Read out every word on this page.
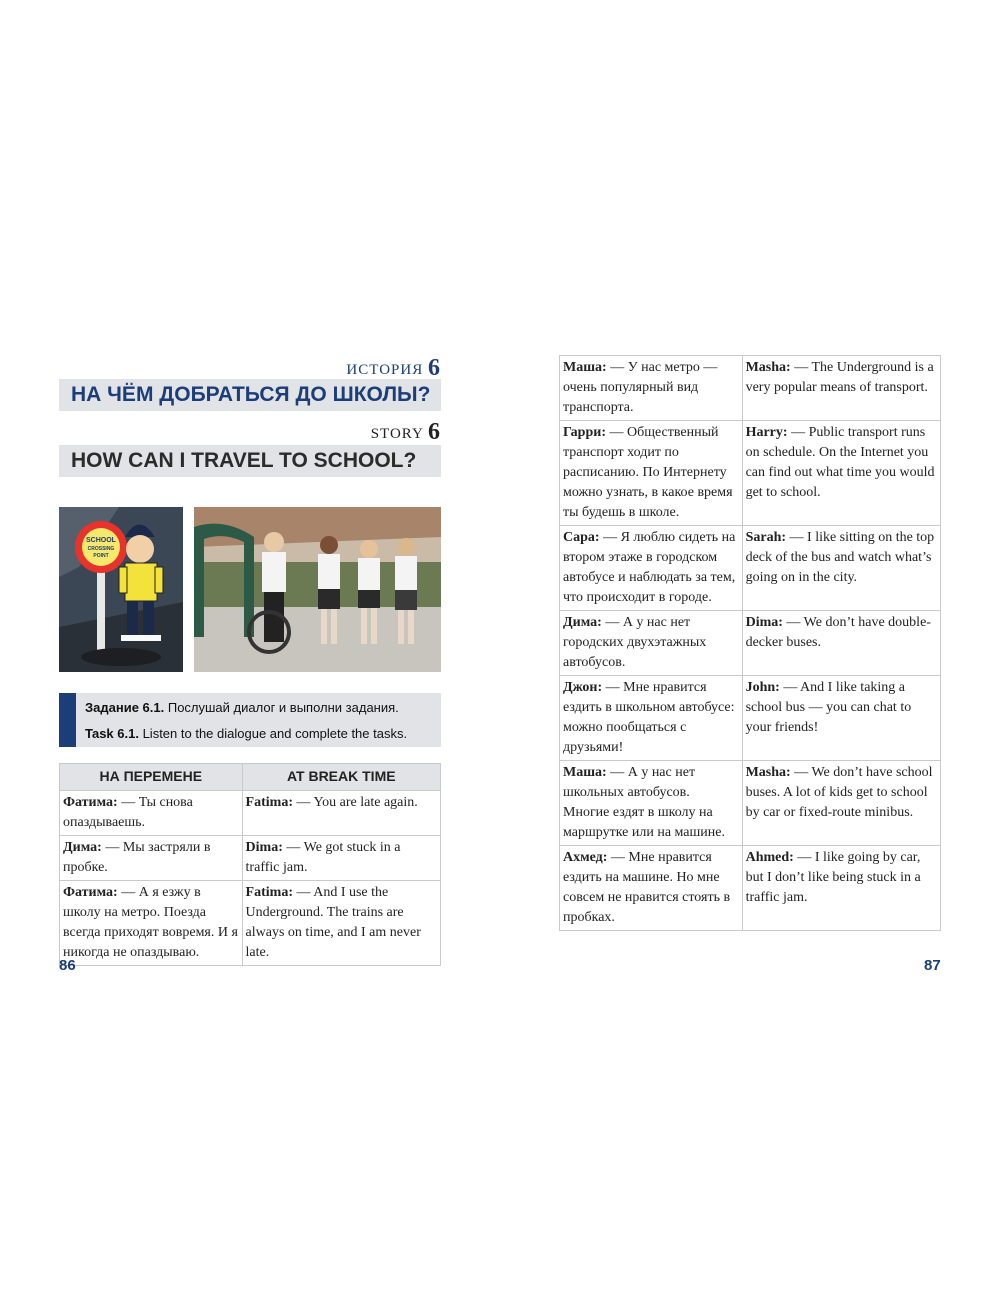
ИСТОРИЯ 6
НА ЧЁМ ДОБРАТЬСЯ ДО ШКОЛЫ?
STORY 6
HOW CAN I TRAVEL TO SCHOOL?
SCHOOL
CROSSING
POINT
Задание 6.1. Послушай диалог и выполни задания.
Task 6.1. Listen to the dialogue and complete the tasks.
НА ПЕРЕМЕНЕ	AT BREAK TIME
Фатима: — Ты снова опаздываешь.	Fatima: — You are late again.
Дима: — Мы застряли в пробке.	Dima: — We got stuck in a traffic jam.
Фатима: — А я езжу в школу на метро. Поезда всегда приходят вовремя. И я никогда не опаздываю.	Fatima: — And I use the Underground. The trains are always on time, and I am never late.
Маша: — У нас метро — очень популярный вид транспорта.	Masha: — The Underground is a very popular means of transport.
Гарри: — Общественный транспорт ходит по расписанию. По Интернету можно узнать, в какое время ты будешь в школе.	Harry: — Public transport runs on schedule. On the Internet you can find out what time you would get to school.
Сара: — Я люблю сидеть на втором этаже в городском автобусе и наблюдать за тем, что происходит в городе.	Sarah: — I like sitting on the top deck of the bus and watch what’s going on in the city.
Дима: — А у нас нет городских двухэтажных автобусов.	Dima: — We don’t have double-decker buses.
Джон: — Мне нравится ездить в школьном автобусе: можно пообщаться с друзьями!	John: — And I like taking a school bus — you can chat to your friends!
Маша: — А у нас нет школьных автобусов. Многие ездят в школу на маршрутке или на машине.	Masha: — We don’t have school buses. A lot of kids get to school by car or fixed-route minibus.
Ахмед: — Мне нравится ездить на машине. Но мне совсем не нравится стоять в пробках.	Ahmed: — I like going by car, but I don’t like being stuck in a traffic jam.
86	87
